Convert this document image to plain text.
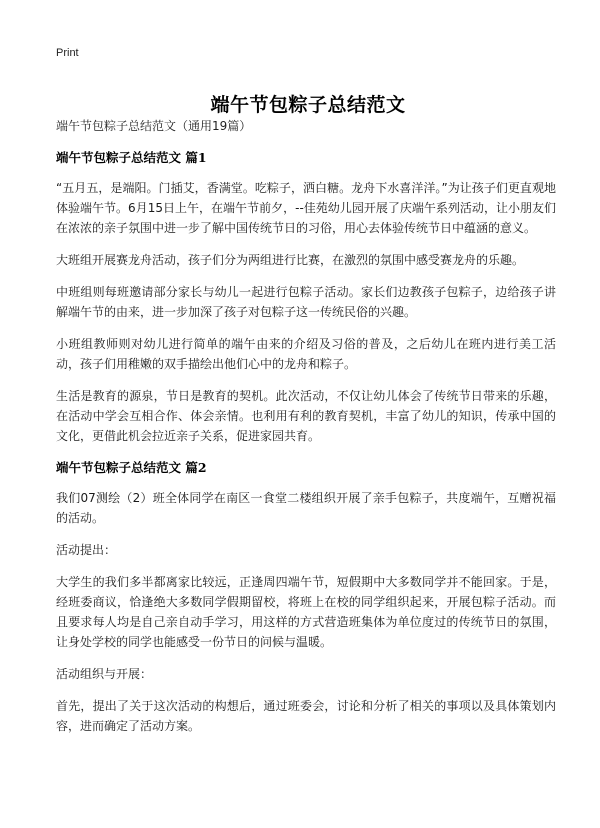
Print
端午节包粽子总结范文
端午节包粽子总结范文（通用19篇）
端午节包粽子总结范文 篇1

“五月五，是端阳。门插艾，香满堂。吃粽子，洒白糖。龙舟下水喜洋洋。”为让孩子们更直观地体验端午节。6月15日上午，在端午节前夕，--佳苑幼儿园开展了庆端午系列活动，让小朋友们在浓浓的亲子氛围中进一步了解中国传统节日的习俗，用心去体验传统节日中蕴涵的意义。

大班组开展赛龙舟活动，孩子们分为两组进行比赛，在激烈的氛围中感受赛龙舟的乐趣。

中班组则每班邀请部分家长与幼儿一起进行包粽子活动。家长们边教孩子包粽子，边给孩子讲解端午节的由来，进一步加深了孩子对包粽子这一传统民俗的兴趣。

小班组教师则对幼儿进行简单的端午由来的介绍及习俗的普及，之后幼儿在班内进行美工活动，孩子们用稚嫩的双手描绘出他们心中的龙舟和粽子。

生活是教育的源泉，节日是教育的契机。此次活动，不仅让幼儿体会了传统节日带来的乐趣，在活动中学会互相合作、体会亲情。也利用有利的教育契机，丰富了幼儿的知识，传承中国的文化，更借此机会拉近亲子关系，促进家园共育。

端午节包粽子总结范文 篇2

我们07测绘（2）班全体同学在南区一食堂二楼组织开展了亲手包粽子，共度端午，互赠祝福的活动。

活动提出：

大学生的我们多半都离家比较远，正逢周四端午节，短假期中大多数同学并不能回家。于是，经班委商议，恰逢绝大多数同学假期留校，将班上在校的同学组织起来，开展包粽子活动。而且要求每人均是自己亲自动手学习，用这样的方式营造班集体为单位度过的传统节日的氛围，让身处学校的同学也能感受一份节日的问候与温暖。

活动组织与开展：

首先，提出了关于这次活动的构想后，通过班委会，讨论和分析了相关的事项以及具体策划内容，进而确定了活动方案。
